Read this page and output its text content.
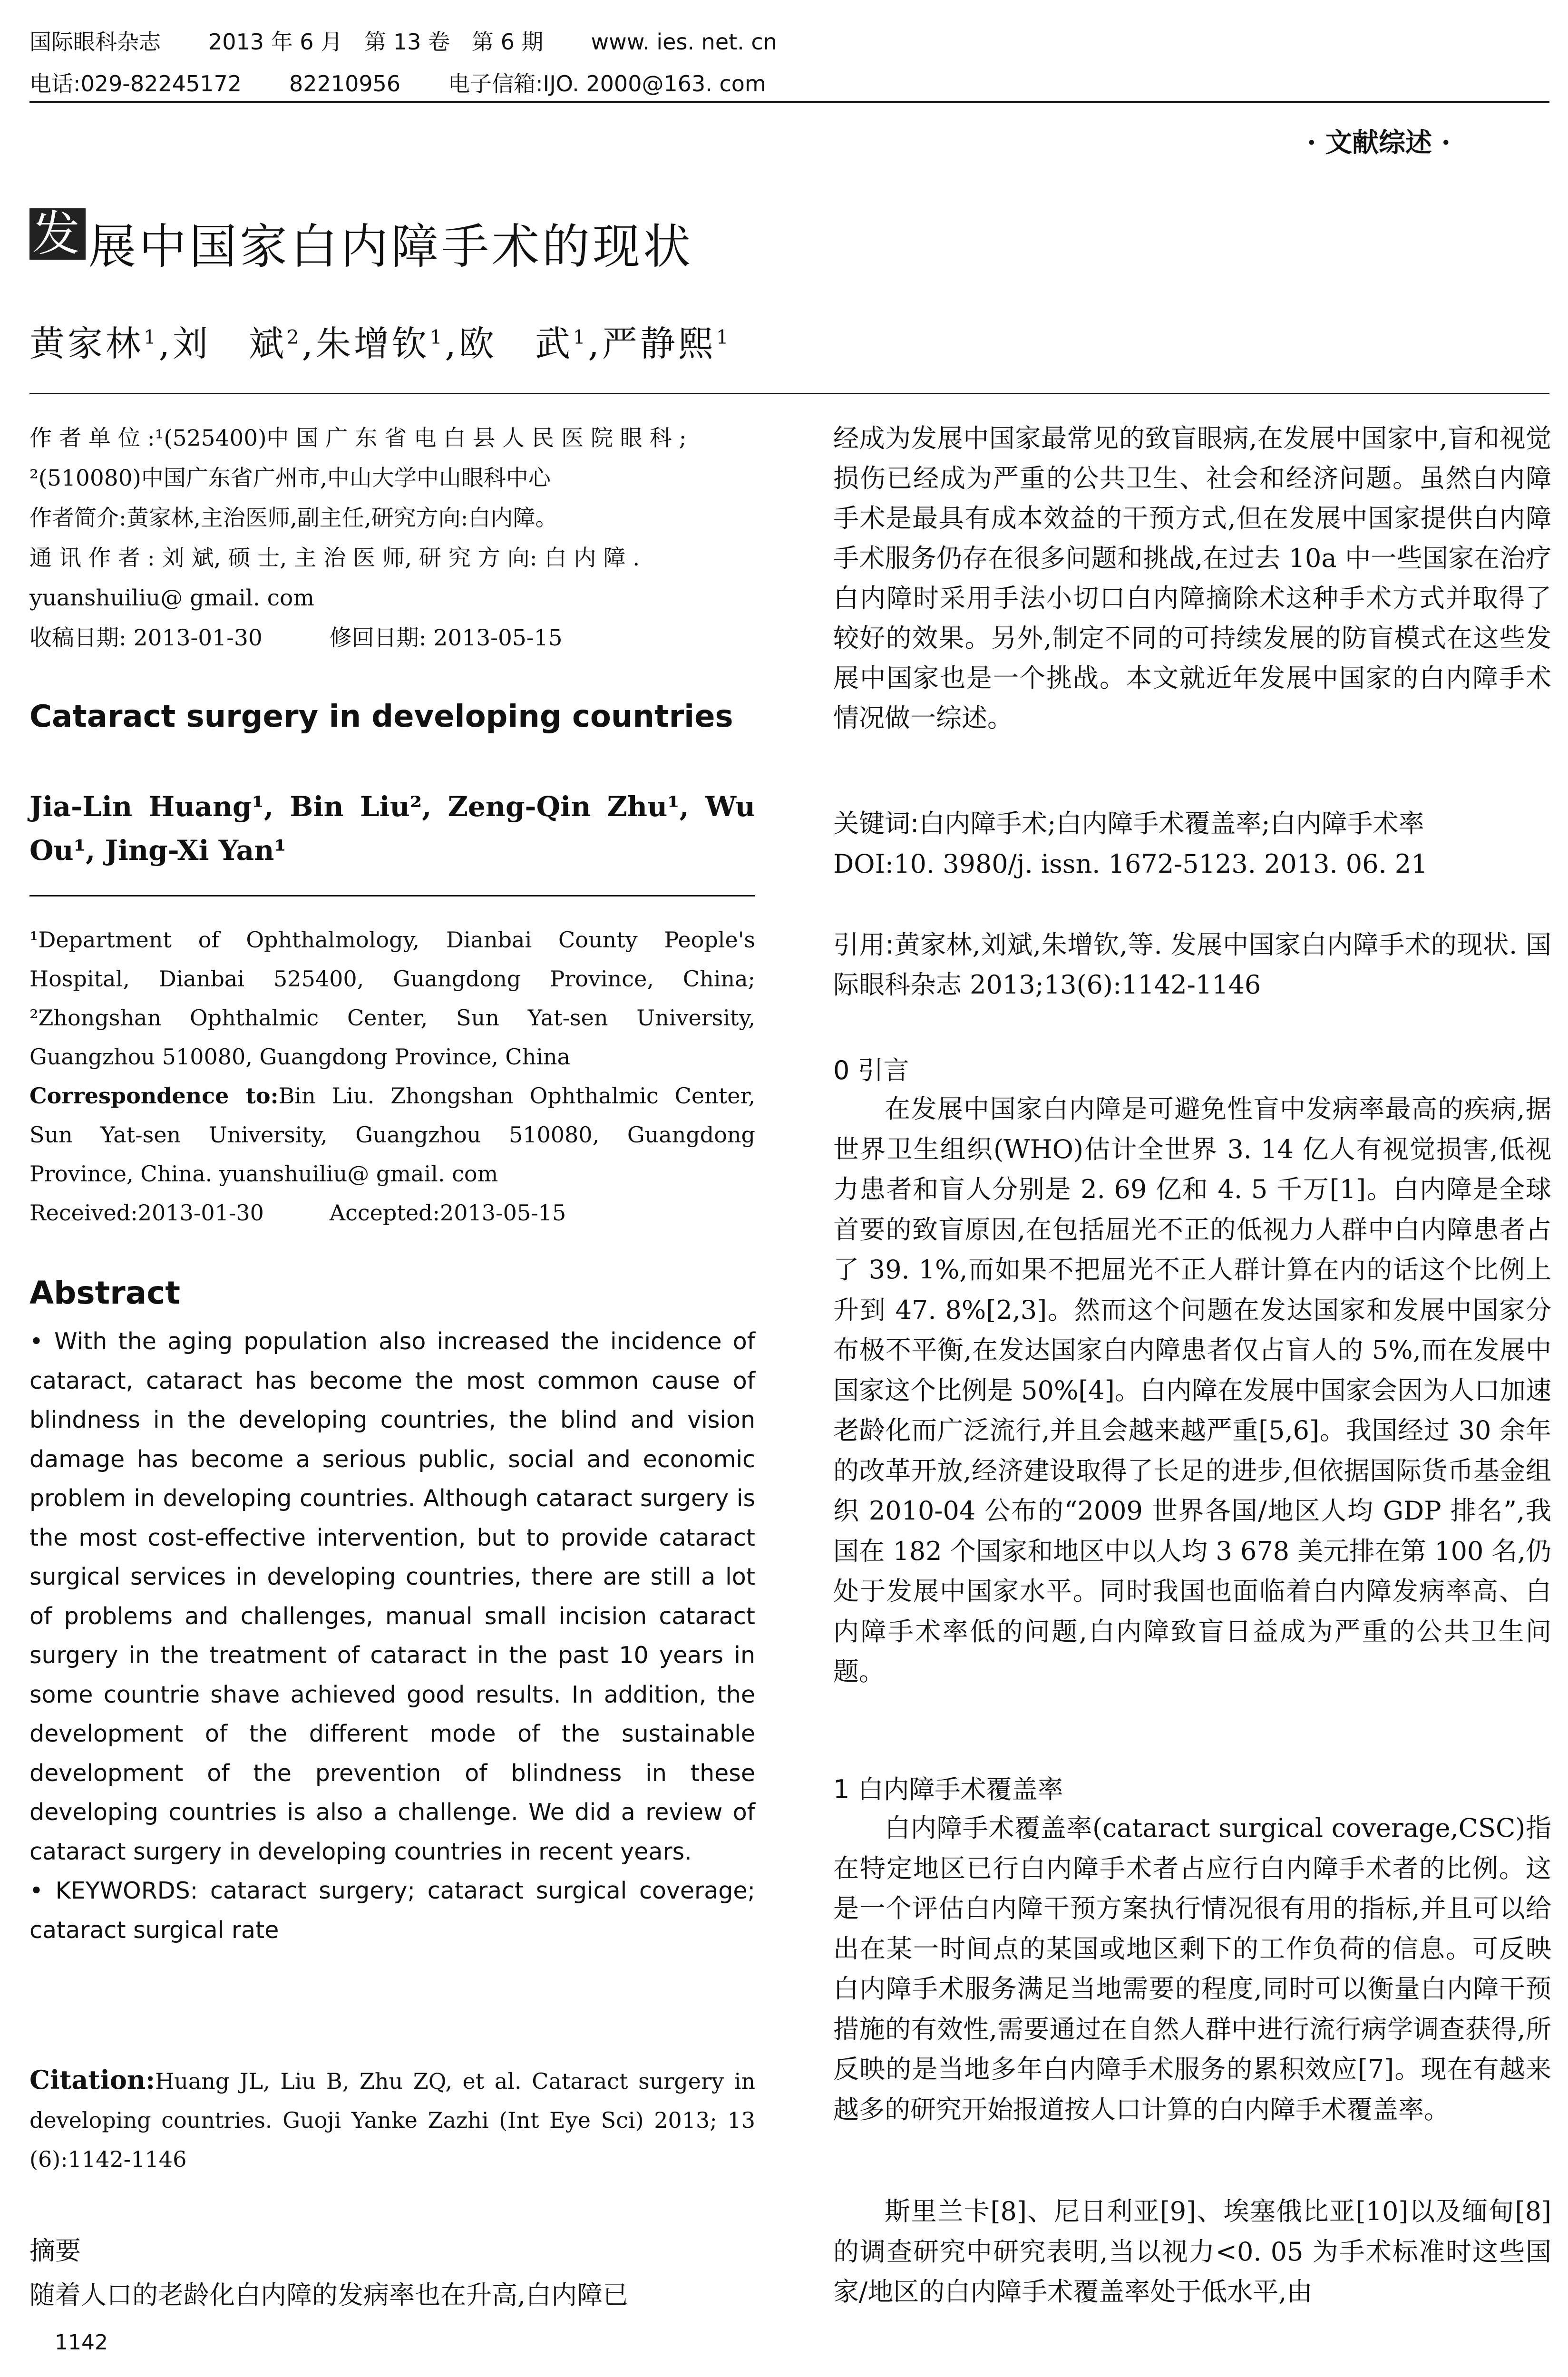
国际眼科杂志 2013 年 6 月　第 13 卷　第 6 期 www. ies. net. cn
电话:029-82245172 82210956 电子信箱:IJO. 2000@163. com
· 文献综述 ·
发 展中国家白内障手术的现状
黄家林$^1$,刘　斌$^2$,朱增钦$^1$,欧　武$^1$,严静熙$^1$
作 者 单 位 :¹(525400)中 国 广 东 省 电 白 县 人 民 医 院 眼 科 ;
²(510080)中国广东省广州市,中山大学中山眼科中心
作者简介:黄家林,主治医师,副主任,研究方向:白内障。
通 讯 作 者 : 刘 斌, 硕 士, 主 治 医 师, 研 究 方 向: 白 内 障 .
yuanshuiliu@ gmail. com
收稿日期: 2013-01-30　　　修回日期: 2013-05-15
Cataract surgery in developing countries
Jia-Lin Huang¹, Bin Liu², Zeng-Qin Zhu¹, Wu Ou¹, Jing-Xi Yan¹
¹Department of Ophthalmology, Dianbai County People's Hospital, Dianbai 525400, Guangdong Province, China; ²Zhongshan Ophthalmic Center, Sun Yat-sen University, Guangzhou 510080, Guangdong Province, China
Correspondence to:Bin Liu. Zhongshan Ophthalmic Center, Sun Yat-sen University, Guangzhou 510080, Guangdong Province, China. yuanshuiliu@ gmail. com
Received:2013-01-30　　　Accepted:2013-05-15
Abstract
• With the aging population also increased the incidence of cataract, cataract has become the most common cause of blindness in the developing countries, the blind and vision damage has become a serious public, social and economic problem in developing countries. Although cataract surgery is the most cost-effective intervention, but to provide cataract surgical services in developing countries, there are still a lot of problems and challenges, manual small incision cataract surgery in the treatment of cataract in the past 10 years in some countrie shave achieved good results. In addition, the development of the different mode of the sustainable development of the prevention of blindness in these developing countries is also a challenge. We did a review of cataract surgery in developing countries in recent years.
• KEYWORDS: cataract surgery; cataract surgical coverage; cataract surgical rate
Citation:Huang JL, Liu B, Zhu ZQ, et al. Cataract surgery in developing countries. Guoji Yanke Zazhi (Int Eye Sci) 2013; 13 (6):1142-1146
摘要
随着人口的老龄化白内障的发病率也在升高,白内障已
1142
经成为发展中国家最常见的致盲眼病,在发展中国家中,盲和视觉损伤已经成为严重的公共卫生、社会和经济问题。虽然白内障手术是最具有成本效益的干预方式,但在发展中国家提供白内障手术服务仍存在很多问题和挑战,在过去 10a 中一些国家在治疗白内障时采用手法小切口白内障摘除术这种手术方式并取得了较好的效果。另外,制定不同的可持续发展的防盲模式在这些发展中国家也是一个挑战。本文就近年发展中国家的白内障手术情况做一综述。
关键词:白内障手术;白内障手术覆盖率;白内障手术率
DOI:10. 3980/j. issn. 1672-5123. 2013. 06. 21
引用:黄家林,刘斌,朱增钦,等. 发展中国家白内障手术的现状. 国际眼科杂志 2013;13(6):1142-1146
0 引言
在发展中国家白内障是可避免性盲中发病率最高的疾病,据世界卫生组织(WHO)估计全世界 3. 14 亿人有视觉损害,低视力患者和盲人分别是 2. 69 亿和 4. 5 千万[1]。白内障是全球首要的致盲原因,在包括屈光不正的低视力人群中白内障患者占了 39. 1%,而如果不把屈光不正人群计算在内的话这个比例上升到 47. 8%[2,3]。然而这个问题在发达国家和发展中国家分布极不平衡,在发达国家白内障患者仅占盲人的 5%,而在发展中国家这个比例是 50%[4]。白内障在发展中国家会因为人口加速老龄化而广泛流行,并且会越来越严重[5,6]。我国经过 30 余年的改革开放,经济建设取得了长足的进步,但依据国际货币基金组织 2010-04 公布的“2009 世界各国/地区人均 GDP 排名”,我国在 182 个国家和地区中以人均 3 678 美元排在第 100 名,仍处于发展中国家水平。同时我国也面临着白内障发病率高、白内障手术率低的问题,白内障致盲日益成为严重的公共卫生问题。
1 白内障手术覆盖率
白内障手术覆盖率(cataract surgical coverage,CSC)指在特定地区已行白内障手术者占应行白内障手术者的比例。这是一个评估白内障干预方案执行情况很有用的指标,并且可以给出在某一时间点的某国或地区剩下的工作负荷的信息。可反映白内障手术服务满足当地需要的程度,同时可以衡量白内障干预措施的有效性,需要通过在自然人群中进行流行病学调查获得,所反映的是当地多年白内障手术服务的累积效应[7]。现在有越来越多的研究开始报道按人口计算的白内障手术覆盖率。
斯里兰卡[8]、尼日利亚[9]、埃塞俄比亚[10]以及缅甸[8]的调查研究中研究表明,当以视力<0. 05 为手术标准时这些国家/地区的白内障手术覆盖率处于低水平,由
